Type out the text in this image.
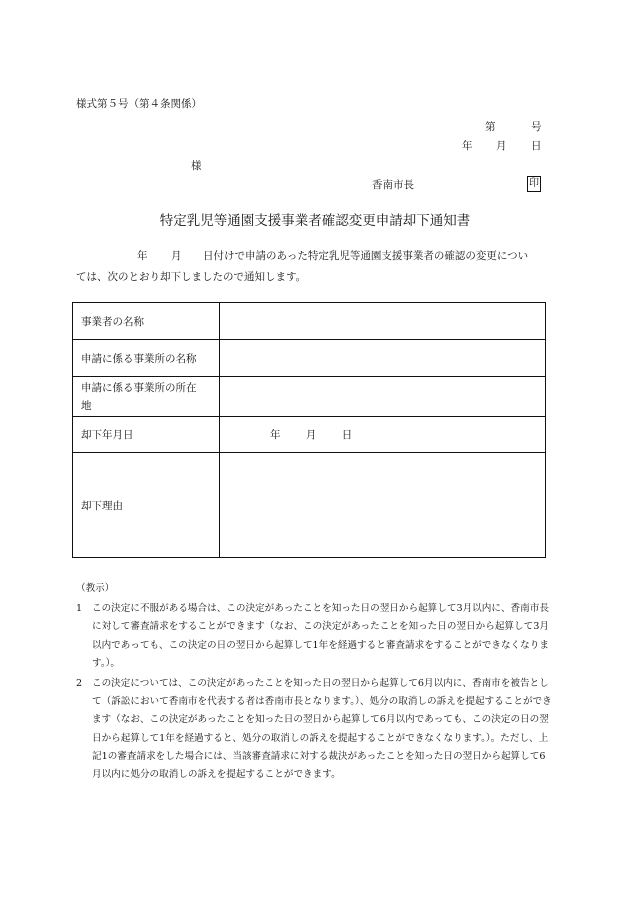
様式第５号（第４条関係）
第	号
年 月 日
様
香南市長	印
特定乳児等通園支援事業者確認変更申請却下通知書
年 月 日付けで申請のあった特定乳児等通園支援事業者の確認の変更につい
ては、次のとおり却下しましたので通知します。
事業者の名称	
申請に係る事業所の名称	

申請に係る事業所の所在
地	

却下年月日	年 月 日
却下理由	
（教示）
1	この決定に不服がある場合は、この決定があったことを知った日の翌日から起算して3月以内に、香南市長に対して審査請求をすることができます（なお、この決定があったことを知った日の翌日から起算して3月以内であっても、この決定の日の翌日から起算して1年を経過すると審査請求をすることができなくなります。）。
2	この決定については、この決定があったことを知った日の翌日から起算して6月以内に、香南市を被告として（訴訟において香南市を代表する者は香南市長となります。）、処分の取消しの訴えを提起することができます（なお、この決定があったことを知った日の翌日から起算して6月以内であっても、この決定の日の翌日から起算して1年を経過すると、処分の取消しの訴えを提起することができなくなります。）。ただし、上記1の審査請求をした場合には、当該審査請求に対する裁決があったことを知った日の翌日から起算して6月以内に処分の取消しの訴えを提起することができます。
